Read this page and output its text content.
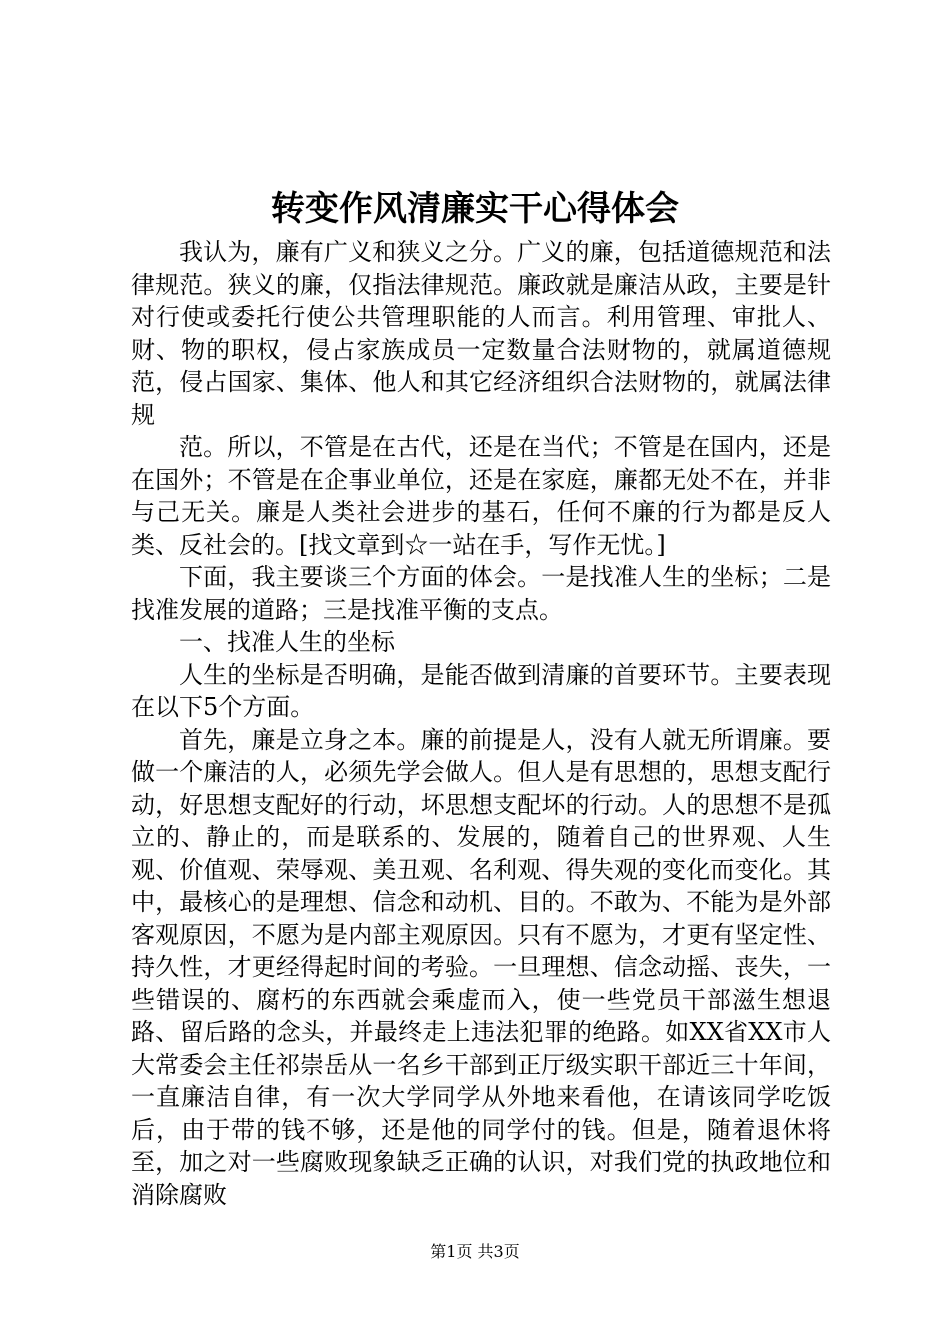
转变作风清廉实干心得体会

我认为，廉有广义和狭义之分。广义的廉，包括道德规范和法律规范。狭义的廉，仅指法律规范。廉政就是廉洁从政，主要是针对行使或委托行使公共管理职能的人而言。利用管理、审批人、财、物的职权，侵占家族成员一定数量合法财物的，就属道德规范，侵占国家、集体、他人和其它经济组织合法财物的，就属法律规

范。所以，不管是在古代，还是在当代；不管是在国内，还是在国外；不管是在企事业单位，还是在家庭，廉都无处不在，并非与己无关。廉是人类社会进步的基石，任何不廉的行为都是反人类、反社会的。[找文章到☆一站在手，写作无忧。]

下面，我主要谈三个方面的体会。一是找准人生的坐标；二是找准发展的道路；三是找准平衡的支点。

一、找准人生的坐标

人生的坐标是否明确，是能否做到清廉的首要环节。主要表现在以下5个方面。

首先，廉是立身之本。廉的前提是人，没有人就无所谓廉。要做一个廉洁的人，必须先学会做人。但人是有思想的，思想支配行动，好思想支配好的行动，坏思想支配坏的行动。人的思想不是孤立的、静止的，而是联系的、发展的，随着自己的世界观、人生观、价值观、荣辱观、美丑观、名利观、得失观的变化而变化。其中，最核心的是理想、信念和动机、目的。不敢为、不能为是外部客观原因，不愿为是内部主观原因。只有不愿为，才更有坚定性、持久性，才更经得起时间的考验。一旦理想、信念动摇、丧失，一些错误的、腐朽的东西就会乘虚而入，使一些党员干部滋生想退路、留后路的念头，并最终走上违法犯罪的绝路。如XX省XX市人大常委会主任祁崇岳从一名乡干部到正厅级实职干部近三十年间，一直廉洁自律，有一次大学同学从外地来看他，在请该同学吃饭后，由于带的钱不够，还是他的同学付的钱。但是，随着退休将至，加之对一些腐败现象缺乏正确的认识，对我们党的执政地位和消除腐败

第1页 共3页
